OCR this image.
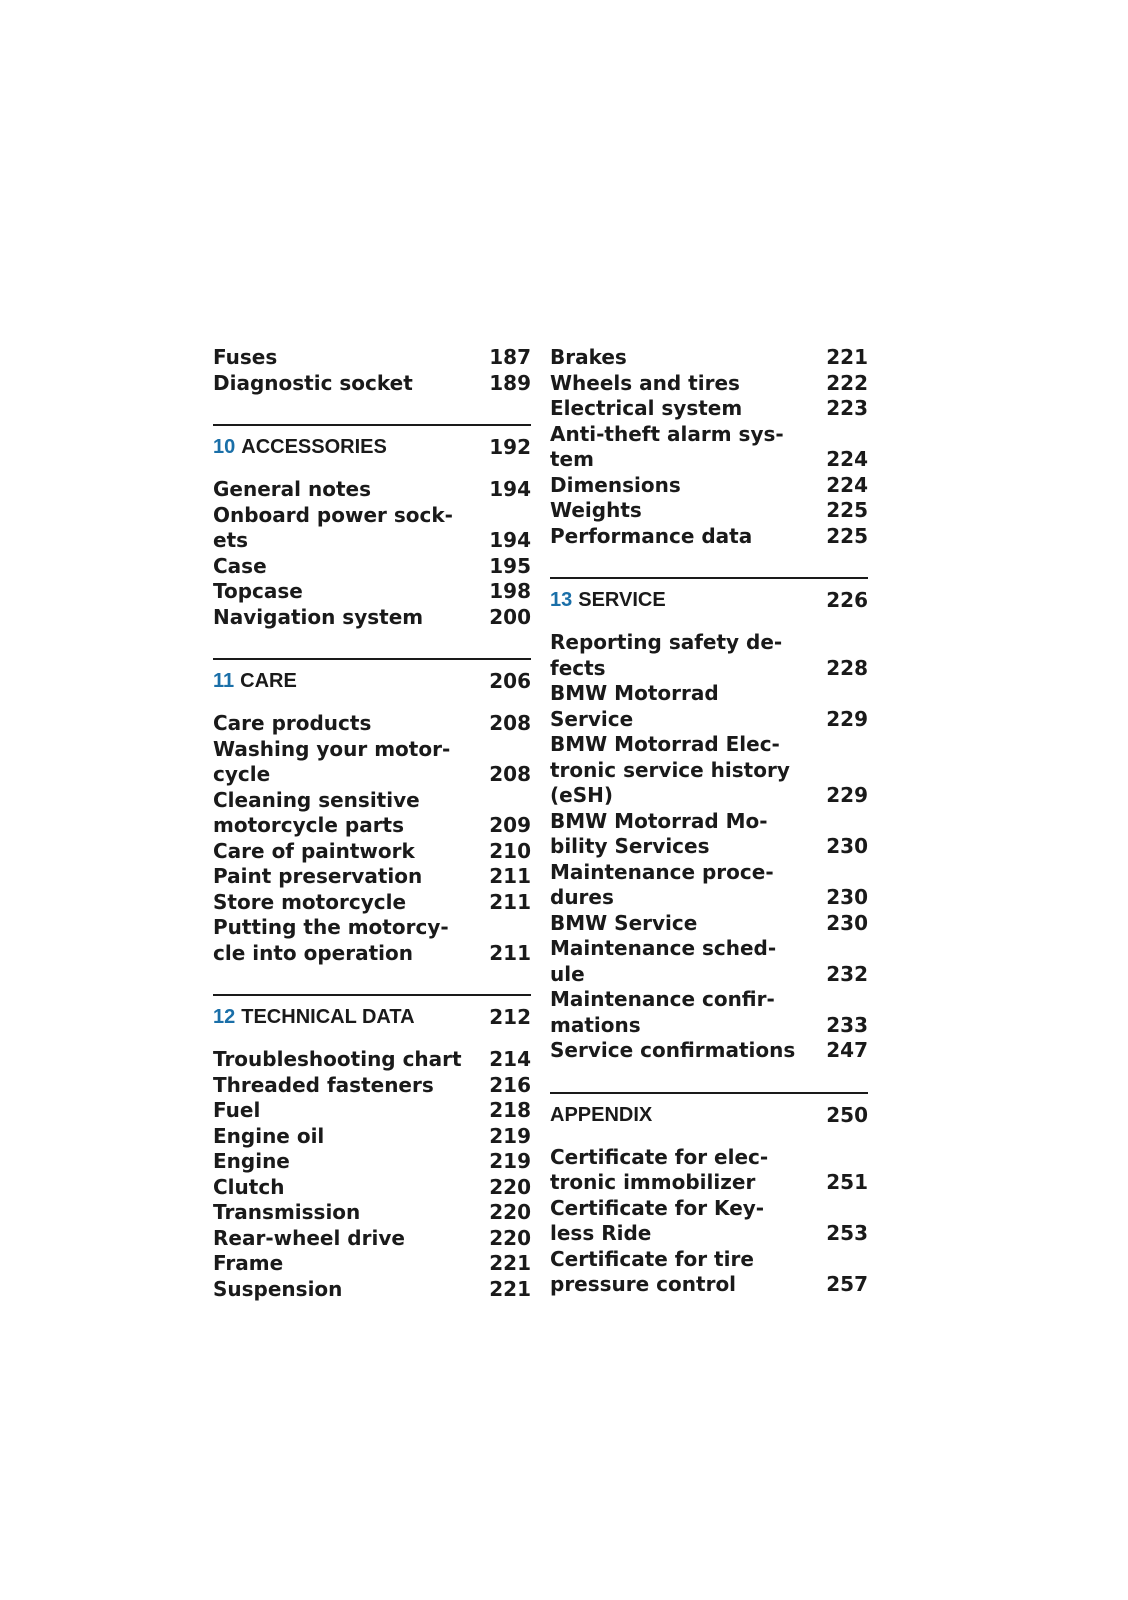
Fuses	187
Diagnostic socket	189
10 ACCESSORIES	192
General notes	194
Onboard power sock-
ets	194
Case	195
Topcase	198
Navigation system	200
11 CARE	206
Care products	208
Washing your motor-
cycle	208
Cleaning sensitive
motorcycle parts	209
Care of paintwork	210
Paint preservation	211
Store motorcycle	211
Putting the motorcy-
cle into operation	211
12 TECHNICAL DATA	212
Troubleshooting chart	214
Threaded fasteners	216
Fuel	218
Engine oil	219
Engine	219
Clutch	220
Transmission	220
Rear-wheel drive	220
Frame	221
Suspension	221
Brakes	221
Wheels and tires	222
Electrical system	223
Anti-theft alarm sys-
tem	224
Dimensions	224
Weights	225
Performance data	225
13 SERVICE	226
Reporting safety de-
fects	228
BMW Motorrad
Service	229
BMW Motorrad Elec-
tronic service history
(eSH)	229
BMW Motorrad Mo-
bility Services	230
Maintenance proce-
dures	230
BMW Service	230
Maintenance sched-
ule	232
Maintenance confir-
mations	233
Service confirmations	247
APPENDIX	250
Certificate for elec-
tronic immobilizer	251
Certificate for Key-
less Ride	253
Certificate for tire
pressure control	257
